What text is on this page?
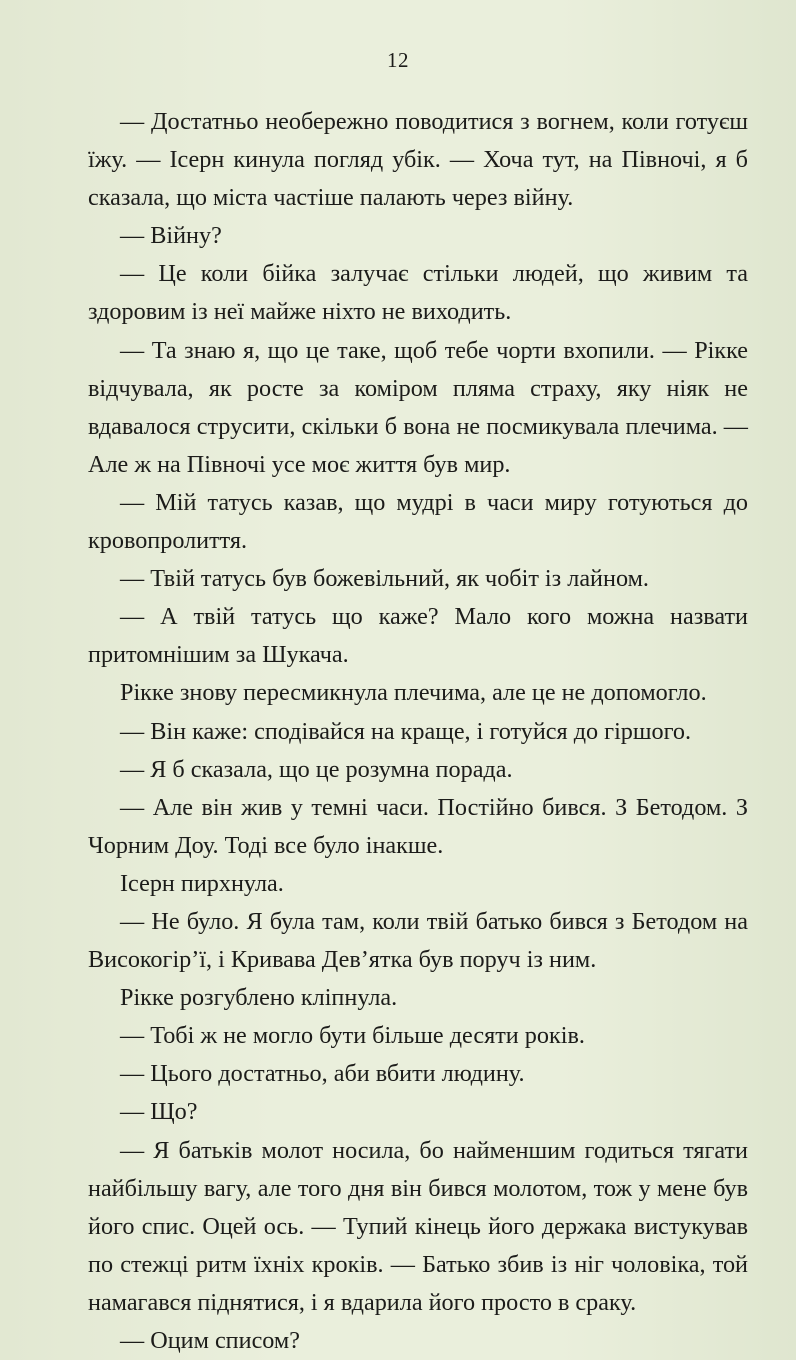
12

— Достатньо необережно поводитися з вогнем, коли готуєш їжу. — Ісерн кинула погляд убік. — Хоча тут, на Півночі, я б сказала, що міста частіше палають через війну.

— Війну?

— Це коли бійка залучає стільки людей, що живим та здоровим із неї майже ніхто не виходить.

— Та знаю я, що це таке, щоб тебе чорти вхопили. — Рікке відчувала, як росте за коміром пляма страху, яку ніяк не вдавалося струсити, скільки б вона не посмикувала плечима. — Але ж на Півночі усе моє життя був мир.

— Мій татусь казав, що мудрі в часи миру готуються до кровопролиття.

— Твій татусь був божевільний, як чобіт із лайном.

— А твій татусь що каже? Мало кого можна назвати притомнішим за Шукача.

Рікке знову пересмикнула плечима, але це не допомогло.

— Він каже: сподівайся на краще, і готуйся до гіршого.

— Я б сказала, що це розумна порада.

— Але він жив у темні часи. Постійно бився. З Бетодом. З Чорним Доу. Тоді все було інакше.

Ісерн пирхнула.

— Не було. Я була там, коли твій батько бився з Бетодом на Високогір’ї, і Кривава Дев’ятка був поруч із ним.

Рікке розгублено кліпнула.

— Тобі ж не могло бути більше десяти років.

— Цього достатньо, аби вбити людину.

— Що?

— Я батьків молот носила, бо найменшим годиться тягати найбільшу вагу, але того дня він бився молотом, тож у мене був його спис. Оцей ось. — Тупий кінець його держака вистукував по стежці ритм їхніх кроків. — Батько збив із ніг чоловіка, той намагався піднятися, і я вдарила його просто в сраку.

— Оцим списом?
